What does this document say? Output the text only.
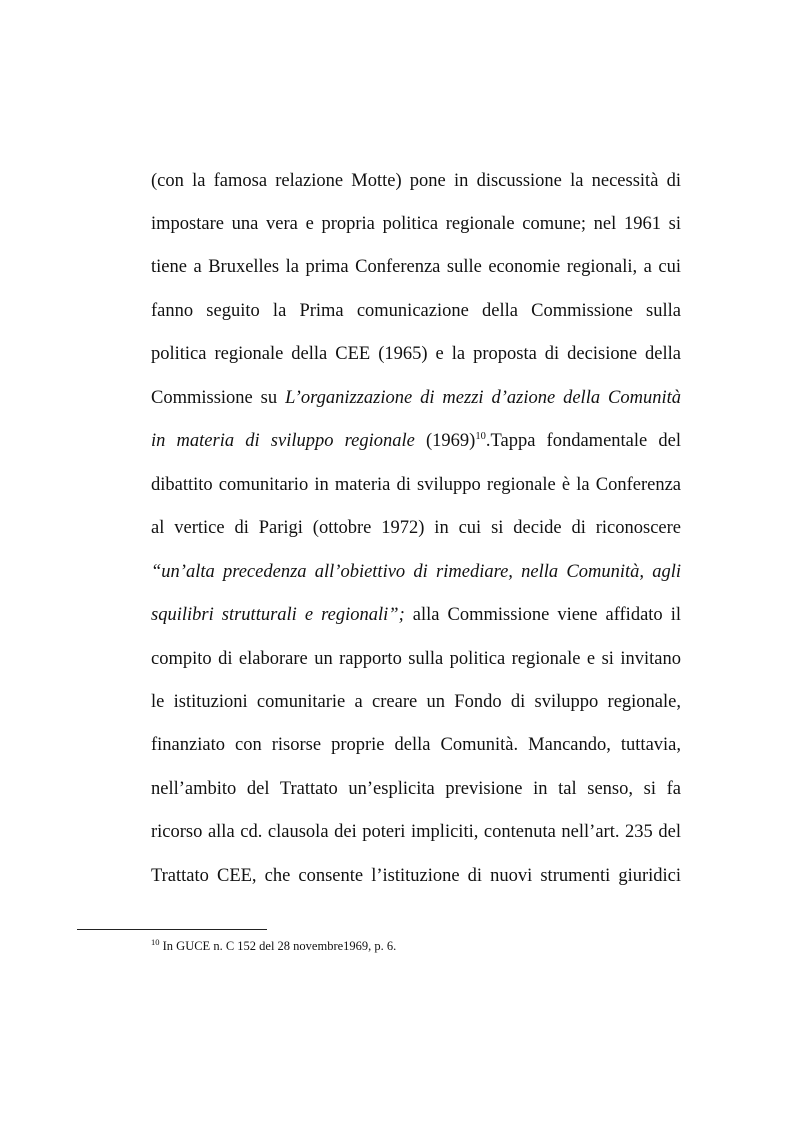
(con la famosa relazione Motte) pone in discussione la necessità di
impostare una vera e propria politica regionale comune; nel 1961 si
tiene a Bruxelles la prima Conferenza sulle economie regionali, a cui
fanno seguito la Prima comunicazione della Commissione sulla
politica regionale della CEE (1965) e la proposta di decisione della
Commissione su L’organizzazione di mezzi d’azione della Comunità
in materia di sviluppo regionale $(1969)^{10}.Tappa$ fondamentale del
dibattito comunitario in materia di sviluppo regionale è la Conferenza
al vertice di Parigi (ottobre 1972) in cui si decide di riconoscere
“un’alta precedenza all’obiettivo di rimediare, nella Comunità, agli
squilibri strutturali e regionali”; alla Commissione viene affidato il
compito di elaborare un rapporto sulla politica regionale e si invitano
le istituzioni comunitarie a creare un Fondo di sviluppo regionale,
finanziato con risorse proprie della Comunità. Mancando, tuttavia,
nell’ambito del Trattato un’esplicita previsione in tal senso, si fa
ricorso alla cd. clausola dei poteri impliciti, contenuta nell’art. 235 del
Trattato CEE, che consente l’istituzione di nuovi strumenti giuridici
$^{10}$ In GUCE n. C 152 del 28 novembre1969, p. 6.
